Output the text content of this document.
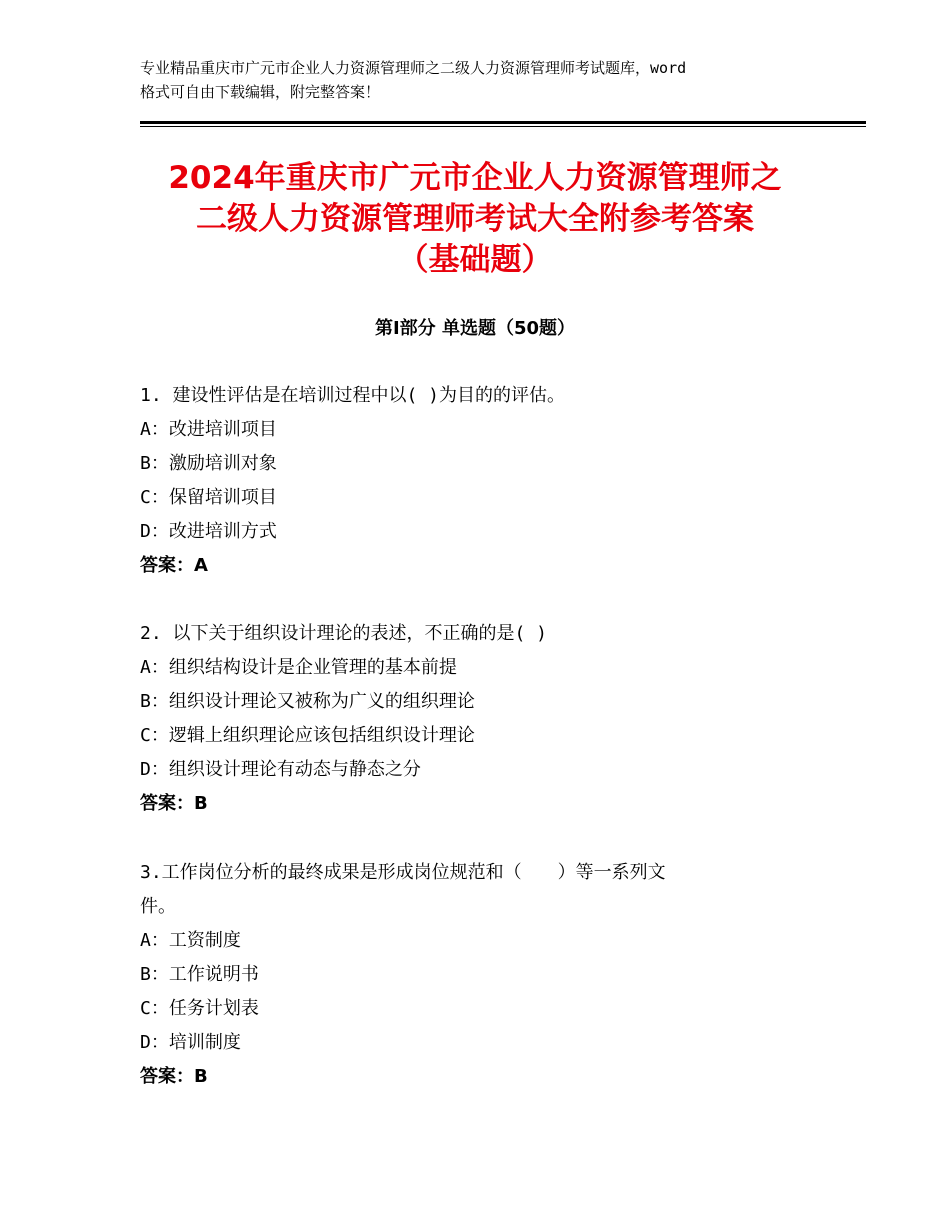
专业精品重庆市广元市企业人力资源管理师之二级人力资源管理师考试题库，word
格式可自由下载编辑，附完整答案！
2024年重庆市广元市企业人力资源管理师之
二级人力资源管理师考试大全附参考答案
（基础题）
第Ⅰ部分 单选题（50题）
1. 建设性评估是在培训过程中以( )为目的的评估。
A：改进培训项目
B：激励培训对象
C：保留培训项目
D：改进培训方式
答案：A
2. 以下关于组织设计理论的表述，不正确的是( )
A：组织结构设计是企业管理的基本前提
B：组织设计理论又被称为广义的组织理论
C：逻辑上组织理论应该包括组织设计理论
D：组织设计理论有动态与静态之分
答案：B
3.工作岗位分析的最终成果是形成岗位规范和（　　）等一系列文
件。
A：工资制度
B：工作说明书
C：任务计划表
D：培训制度
答案：B
